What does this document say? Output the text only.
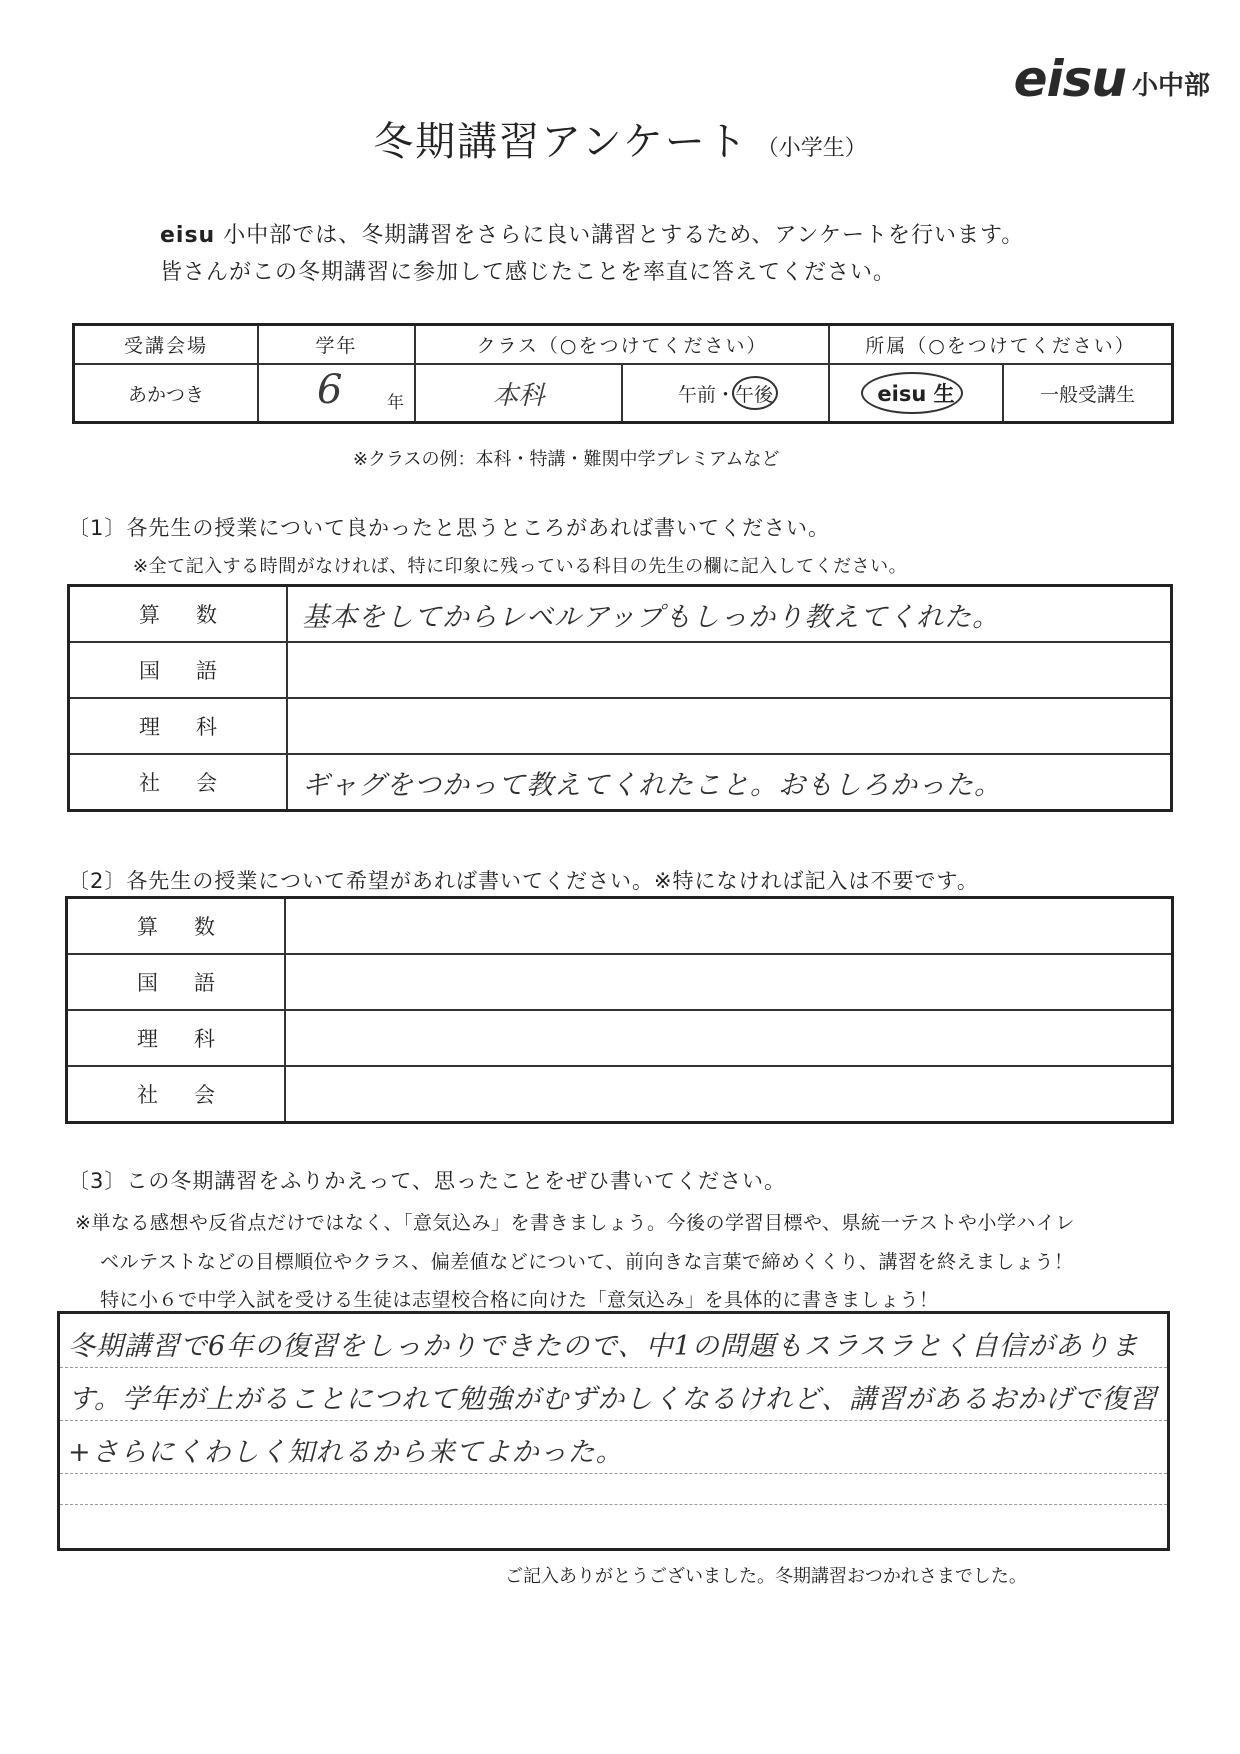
eisu 小中部
冬期講習アンケート （小学生）
eisu 小中部では、冬期講習をさらに良い講習とするため、アンケートを行います。
皆さんがこの冬期講習に参加して感じたことを率直に答えてください。
受講会場	学年	クラス（○をつけてください）		所属（○をつけてください）	
あかつき	6 年	本科	午前・午後	eisu 生	一般受講生
※クラスの例：本科・特講・難関中学プレミアムなど
〔1〕各先生の授業について良かったと思うところがあれば書いてください。
※全て記入する時間がなければ、特に印象に残っている科目の先生の欄に記入してください。
算数	基本をしてからレベルアップもしっかり教えてくれた。
国語	
理科	
社会	ギャグをつかって教えてくれたこと。おもしろかった。
〔2〕各先生の授業について希望があれば書いてください。※特になければ記入は不要です。
算数	
国語	
理科	
社会	
〔3〕この冬期講習をふりかえって、思ったことをぜひ書いてください。
※単なる感想や反省点だけではなく、「意気込み」を書きましょう。今後の学習目標や、県統一テストや小学ハイレ
ベルテストなどの目標順位やクラス、偏差値などについて、前向きな言葉で締めくくり、講習を終えましょう！
特に小６で中学入試を受ける生徒は志望校合格に向けた「意気込み」を具体的に書きましょう！
冬期講習で6年の復習をしっかりできたので、中1の問題もスラスラとく自信があります。学年が上がることにつれて勉強がむずかしくなるけれど、講習があるおかげで復習+さらにくわしく知れるから来てよかった。
ご記入ありがとうございました。冬期講習おつかれさまでした。
